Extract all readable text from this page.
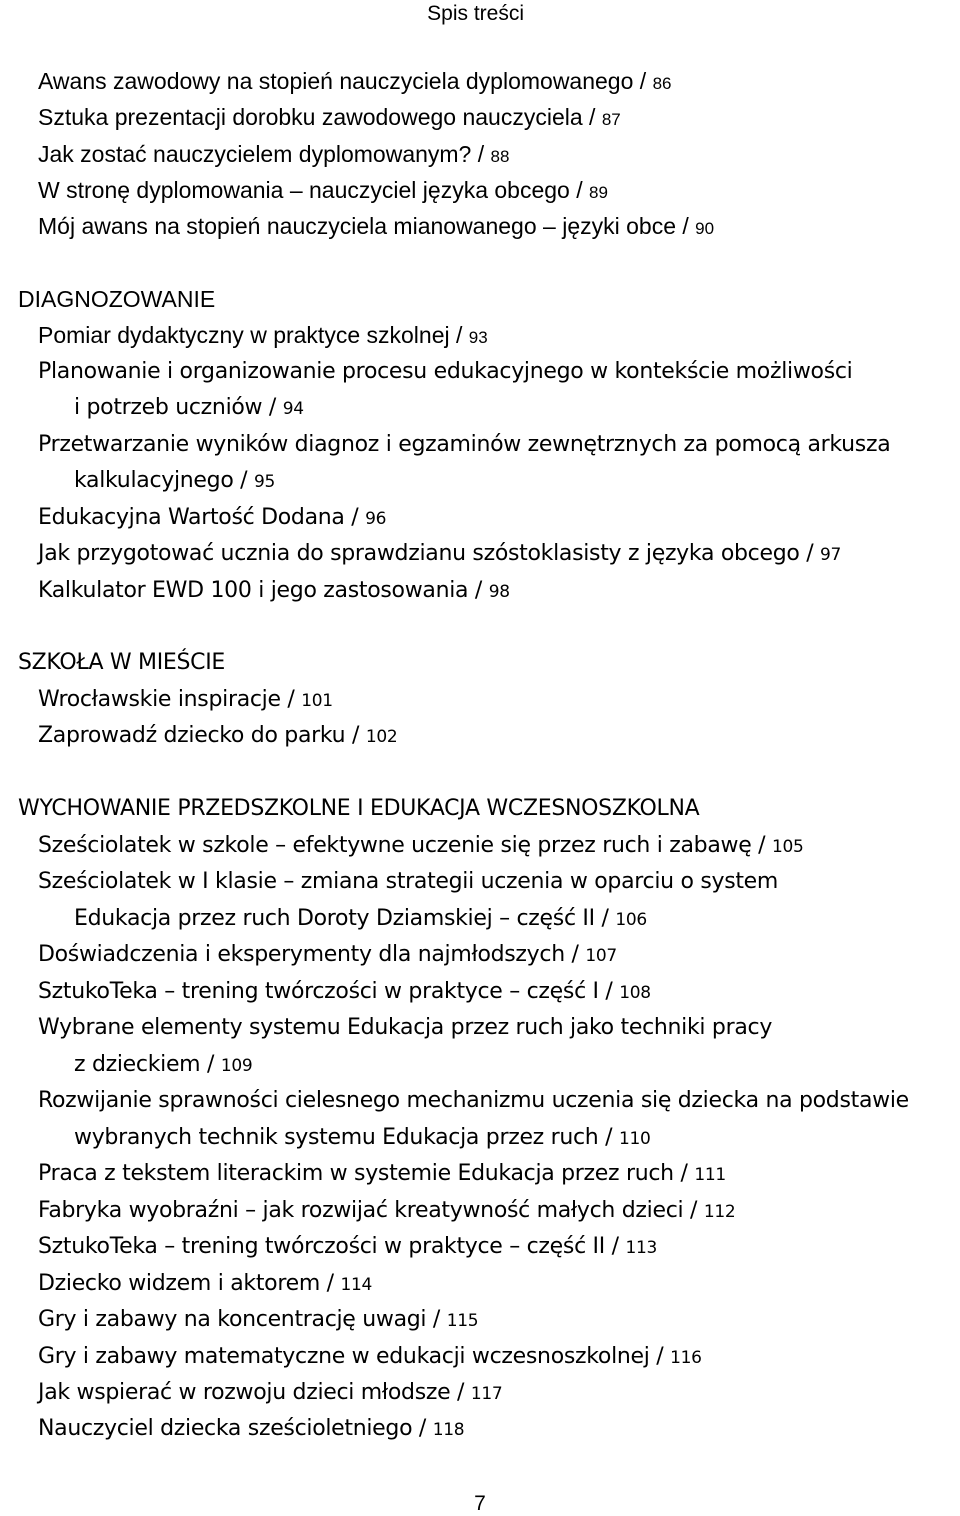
Spis treści
Awans zawodowy na stopień nauczyciela dyplomowanego / 86
Sztuka prezentacji dorobku zawodowego nauczyciela / 87
Jak zostać nauczycielem dyplomowanym? / 88
W stronę dyplomowania – nauczyciel języka obcego / 89
Mój awans na stopień nauczyciela mianowanego – języki obce / 90
DIAGNOZOWANIE
Pomiar dydaktyczny w praktyce szkolnej / 93
Planowanie i organizowanie procesu edukacyjnego w kontekście możliwości
i potrzeb uczniów / 94
Przetwarzanie wyników diagnoz i egzaminów zewnętrznych za pomocą arkusza
kalkulacyjnego / 95
Edukacyjna Wartość Dodana / 96
Jak przygotować ucznia do sprawdzianu szóstoklasisty z języka obcego / 97
Kalkulator EWD 100 i jego zastosowania / 98
SZKOŁA W MIEŚCIE
Wrocławskie inspiracje / 101
Zaprowadź dziecko do parku / 102
WYCHOWANIE PRZEDSZKOLNE I EDUKACJA WCZESNOSZKOLNA
Sześciolatek w szkole – efektywne uczenie się przez ruch i zabawę / 105
Sześciolatek w I klasie – zmiana strategii uczenia w oparciu o system
Edukacja przez ruch Doroty Dziamskiej – część II / 106
Doświadczenia i eksperymenty dla najmłodszych / 107
SztukoTeka – trening twórczości w praktyce – część I / 108
Wybrane elementy systemu Edukacja przez ruch jako techniki pracy
z dzieckiem / 109
Rozwijanie sprawności cielesnego mechanizmu uczenia się dziecka na podstawie
wybranych technik systemu Edukacja przez ruch / 110
Praca z tekstem literackim w systemie Edukacja przez ruch / 111
Fabryka wyobraźni – jak rozwijać kreatywność małych dzieci / 112
SztukoTeka – trening twórczości w praktyce – część II / 113
Dziecko widzem i aktorem / 114
Gry i zabawy na koncentrację uwagi / 115
Gry i zabawy matematyczne w edukacji wczesnoszkolnej / 116
Jak wspierać w rozwoju dzieci młodsze / 117
Nauczyciel dziecka sześcioletniego / 118
7
